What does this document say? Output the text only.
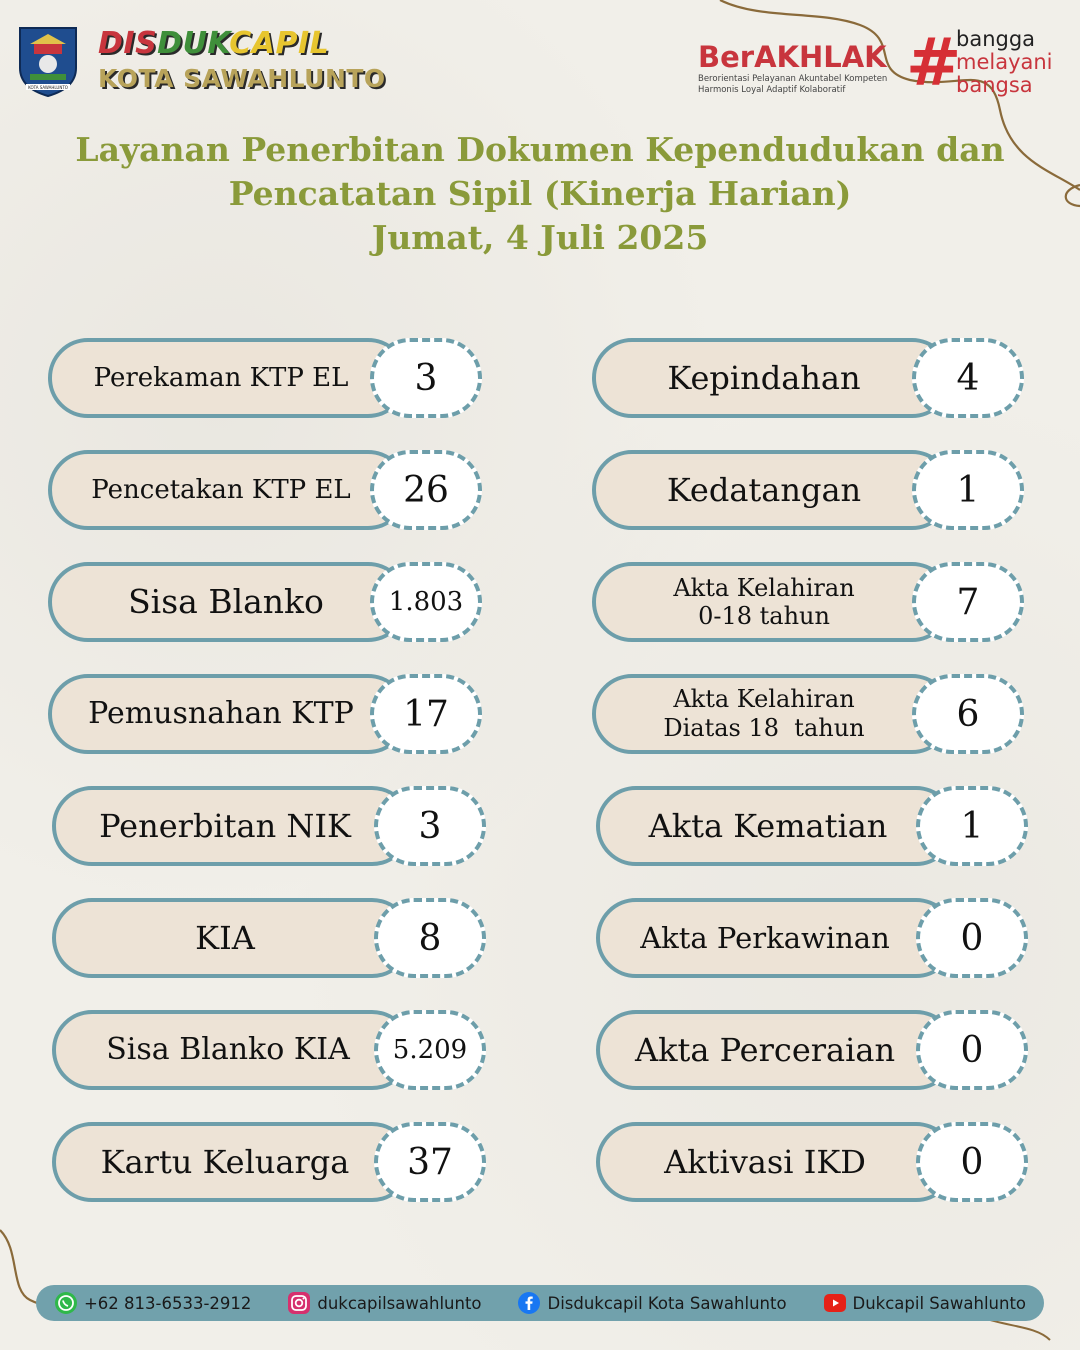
KOTA SAWAHLUNTO
DISDUKCAPIL
KOTA SAWAHLUNTO
BerAKHLAK
Berorientasi Pelayanan Akuntabel Kompeten Harmonis Loyal Adaptif Kolaboratif #
bangga
melayani
bangsa
Layanan Penerbitan Dokumen Kependudukan dan
Pencatatan Sipil (Kinerja Harian)
Jumat, 4 Juli 2025
Perekaman KTP EL	3
Pencetakan KTP EL	26
Sisa Blanko	1.803
Pemusnahan KTP	17
Penerbitan NIK	3
KIA	8
Sisa Blanko KIA	5.209
Kartu Keluarga	37
Kepindahan	4
Kedatangan	1
Akta Kelahiran
0-18 tahun	7
Akta Kelahiran
Diatas 18  tahun	6
Akta Kematian	1
Akta Perkawinan	0
Akta Perceraian	0
Aktivasi IKD	0
+62 813-6533-2912	dukcapilsawahlunto	Disdukcapil Kota Sawahlunto	Dukcapil Sawahlunto
